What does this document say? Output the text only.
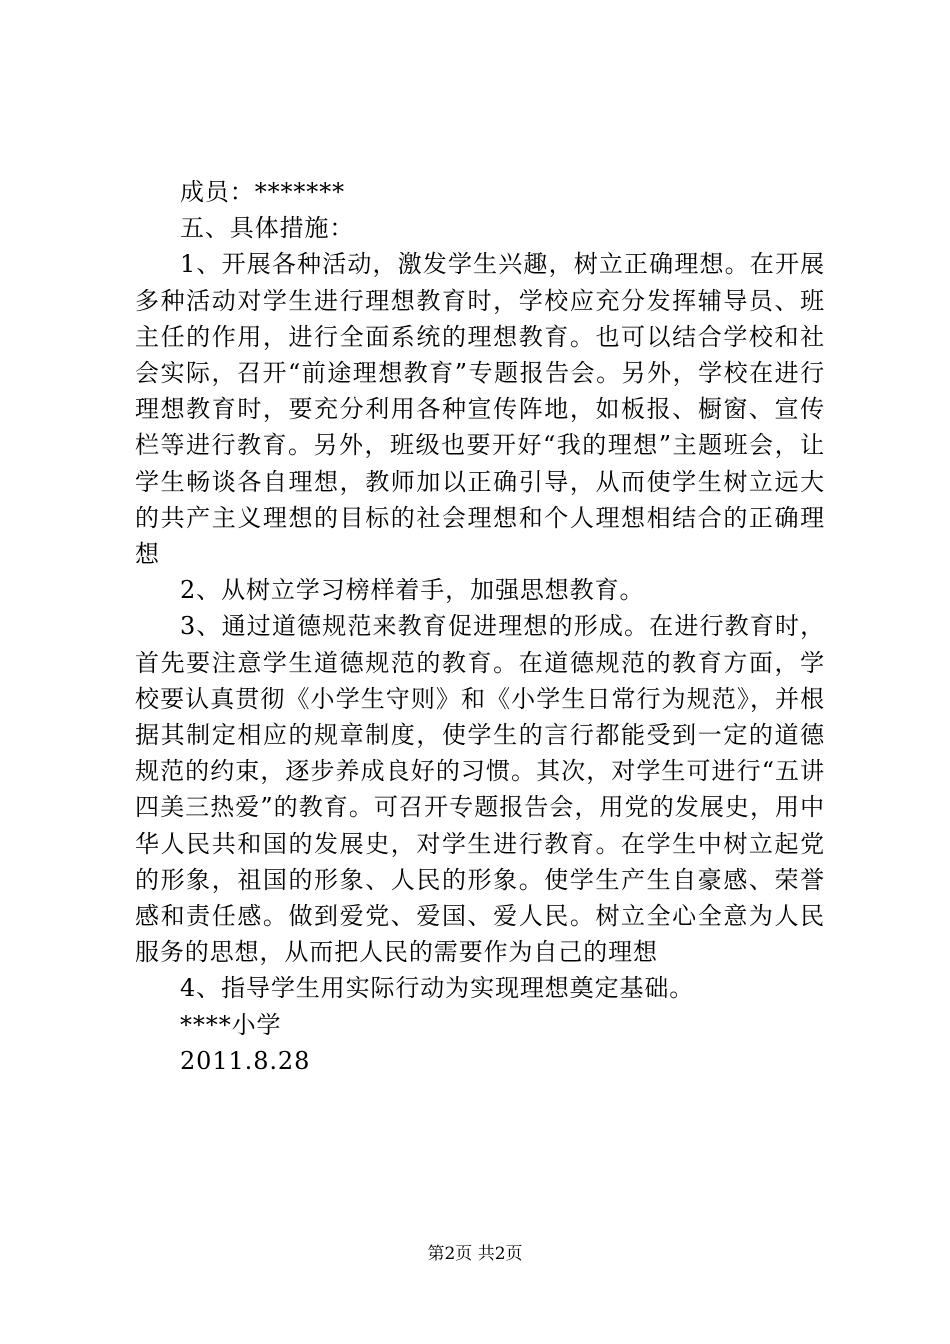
成员：*******

五、具体措施：

1、开展各种活动，激发学生兴趣，树立正确理想。在开展多种活动对学生进行理想教育时，学校应充分发挥辅导员、班主任的作用，进行全面系统的理想教育。也可以结合学校和社会实际，召开“前途理想教育”专题报告会。另外，学校在进行理想教育时，要充分利用各种宣传阵地，如板报、橱窗、宣传栏等进行教育。另外，班级也要开好“我的理想”主题班会，让学生畅谈各自理想，教师加以正确引导，从而使学生树立远大的共产主义理想的目标的社会理想和个人理想相结合的正确理想

2、从树立学习榜样着手，加强思想教育。

3、通过道德规范来教育促进理想的形成。在进行教育时，首先要注意学生道德规范的教育。在道德规范的教育方面，学校要认真贯彻《小学生守则》和《小学生日常行为规范》，并根据其制定相应的规章制度，使学生的言行都能受到一定的道德规范的约束，逐步养成良好的习惯。其次，对学生可进行“五讲四美三热爱”的教育。可召开专题报告会，用党的发展史，用中华人民共和国的发展史，对学生进行教育。在学生中树立起党的形象，祖国的形象、人民的形象。使学生产生自豪感、荣誉感和责任感。做到爱党、爱国、爱人民。树立全心全意为人民服务的思想，从而把人民的需要作为自己的理想

4、指导学生用实际行动为实现理想奠定基础。

****小学

2011.8.28

第2页 共2页
